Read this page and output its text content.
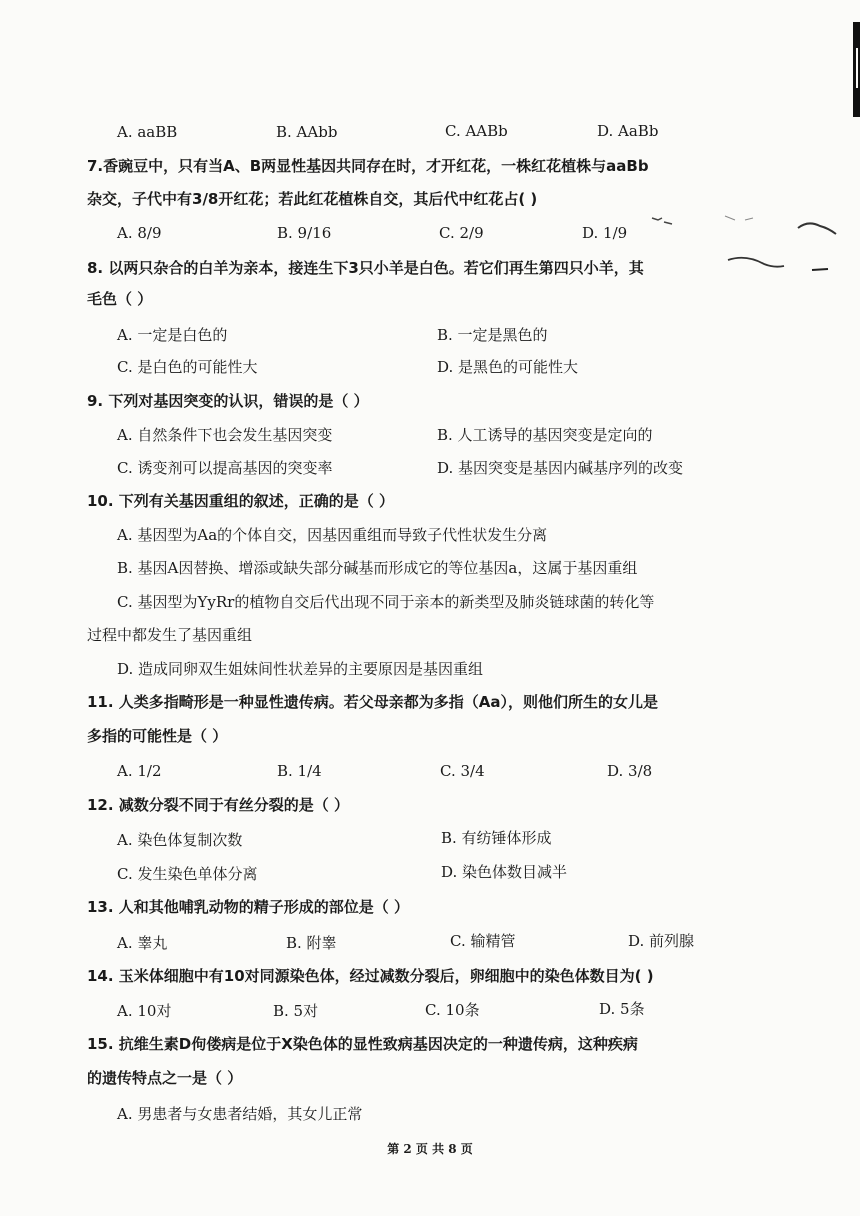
A. aaBB	B. AAbb	C. AABb	D. AaBb
7.香豌豆中，只有当A、B两显性基因共同存在时，才开红花，一株红花植株与aaBb
杂交，子代中有3/8开红花；若此红花植株自交，其后代中红花占( )
A. 8/9	B. 9/16	C. 2/9	D. 1/9
8. 以两只杂合的白羊为亲本，接连生下3只小羊是白色。若它们再生第四只小羊，其
毛色（ ）
A. 一定是白色的	B. 一定是黑色的
C. 是白色的可能性大	D. 是黑色的可能性大
9. 下列对基因突变的认识，错误的是（ ）
A. 自然条件下也会发生基因突变	B. 人工诱导的基因突变是定向的
C. 诱变剂可以提高基因的突变率	D. 基因突变是基因内碱基序列的改变
10. 下列有关基因重组的叙述，正确的是（ ）
A. 基因型为Aa的个体自交，因基因重组而导致子代性状发生分离
B. 基因A因替换、增添或缺失部分碱基而形成它的等位基因a，这属于基因重组
C. 基因型为YyRr的植物自交后代出现不同于亲本的新类型及肺炎链球菌的转化等
过程中都发生了基因重组
D. 造成同卵双生姐妹间性状差异的主要原因是基因重组
11. 人类多指畸形是一种显性遗传病。若父母亲都为多指（Aa），则他们所生的女儿是
多指的可能性是（ ）
A. 1/2	B. 1/4	C. 3/4	D. 3/8
12. 减数分裂不同于有丝分裂的是（ ）
A. 染色体复制次数	B. 有纺锤体形成
C. 发生染色单体分离	D. 染色体数目减半
13. 人和其他哺乳动物的精子形成的部位是（ ）
A. 睾丸	B. 附睾	C. 输精管	D. 前列腺
14. 玉米体细胞中有10对同源染色体，经过减数分裂后，卵细胞中的染色体数目为( )
A. 10对	B. 5对	C. 10条	D. 5条
15. 抗维生素D佝偻病是位于X染色体的显性致病基因决定的一种遗传病，这种疾病
的遗传特点之一是（ ）
A. 男患者与女患者结婚，其女儿正常
第 2 页 共 8 页
